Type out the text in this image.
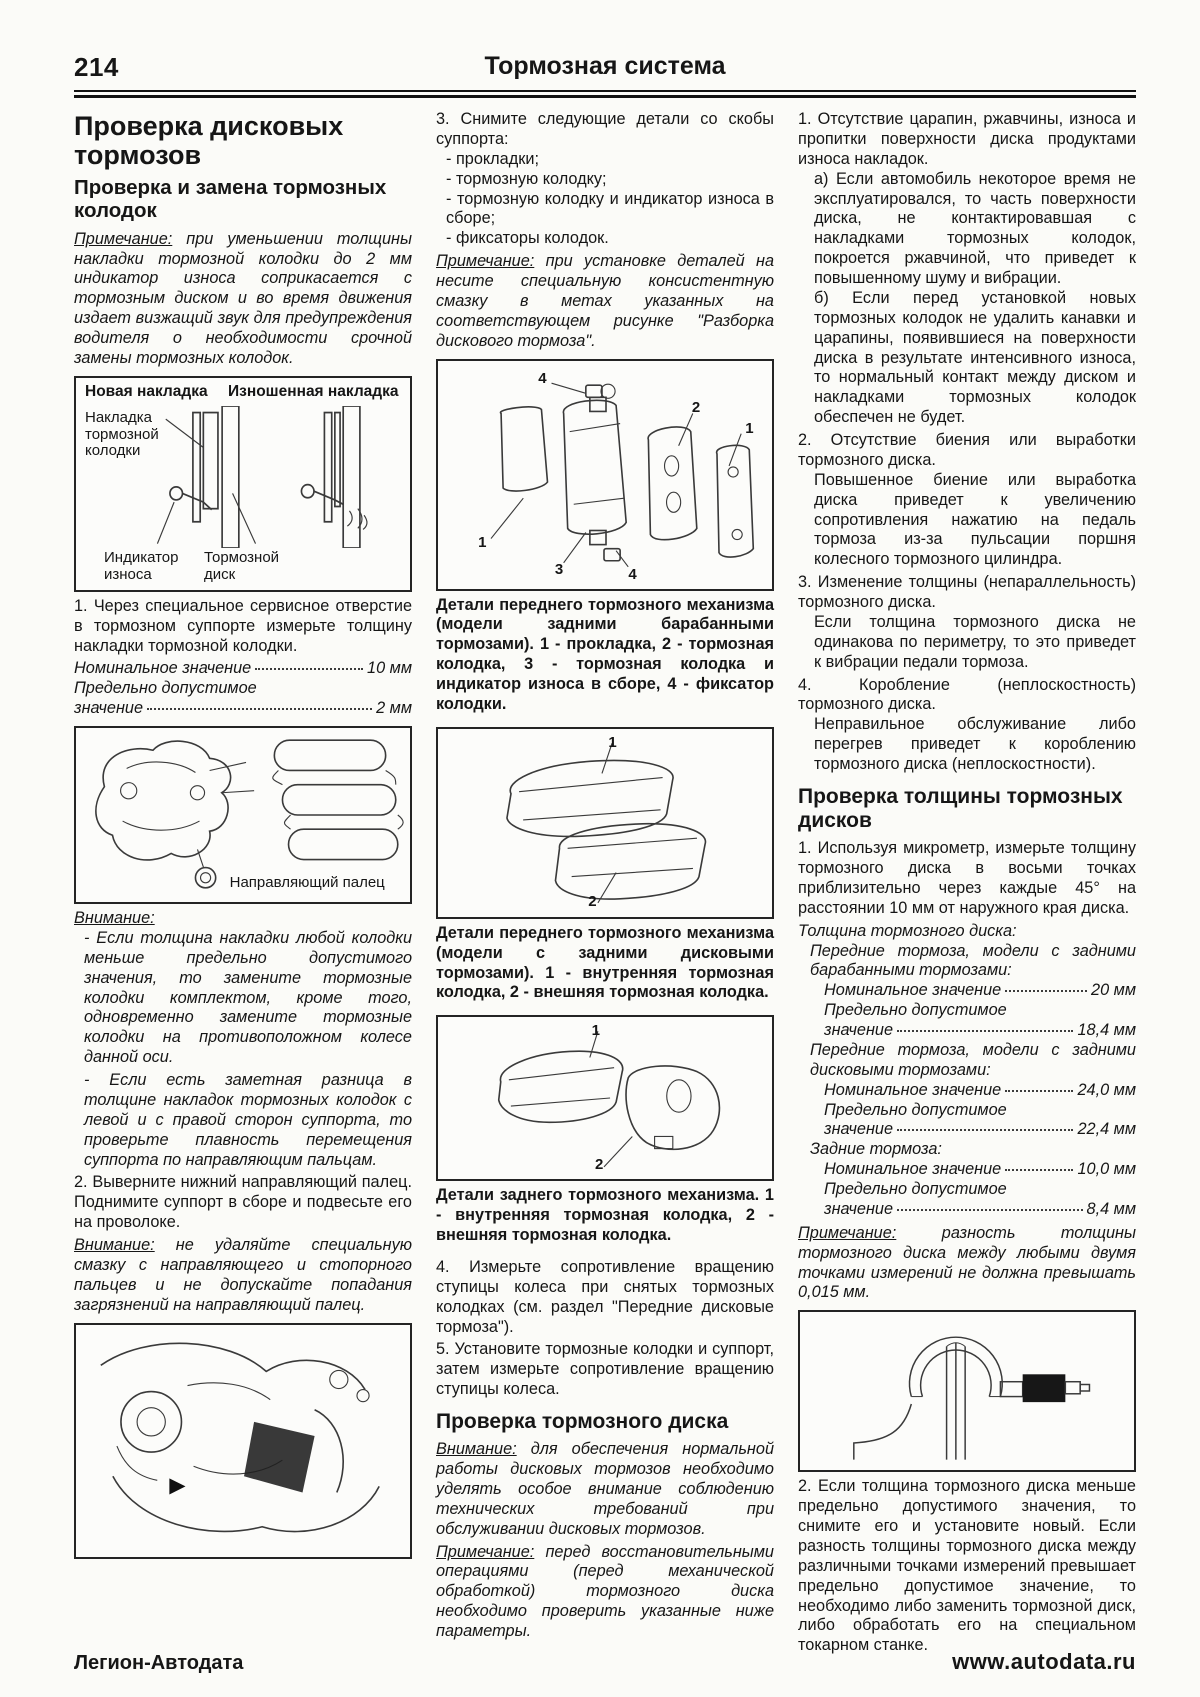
214	Тормозная система
Проверка дисковых тормозов
Проверка и замена тормозных колодок

Примечание: при уменьшении толщины накладки тормозной колодки до 2 мм индикатор износа соприкасается с тормозным диском и во время движения издает визжащий звук для предупреждения водителя о необходимости срочной замены тормозных колодок.

Новая накладка Изношенная накладка
Накладка тормозной колодки
Индикатор износа
Тормозной диск

1. Через специальное сервисное отверстие в тормозном суппорте измерьте толщину накладки тормозной колодки.

Номинальное значение	10 мм
Предельно допустимое
значение	2 мм
Направляющий палец

Внимание:

- Если толщина накладки любой колодки меньше предельно допустимого значения, то замените тормозные колодки комплектом, кроме того, одновременно замените тормозные колодки на противоположном колесе данной оси.

- Если есть заметная разница в толщине накладок тормозных колодок с левой и с правой сторон суппорта, то проверьте плавность перемещения суппорта по направляющим пальцам.

2. Выверните нижний направляющий палец. Поднимите суппорт в сборе и подвесьте его на проволоке.

Внимание: не удаляйте специальную смазку с направляющего и стопорного пальцев и не допускайте попадания загрязнений на направляющий палец.

3. Снимите следующие детали со скобы суппорта:

- прокладки;

- тормозную колодку;

- тормозную колодку и индикатор износа в сборе;

- фиксаторы колодок.

Примечание: при установке деталей на несите специальную консистентную смазку в метах указанных на соответствующем рисунке "Разборка дискового тормоза".

4
2
1
1
3	4

Детали переднего тормозного механизма (модели задними барабанными тормозами). 1 - прокладка, 2 - тормозная колодка, 3 - тормозная колодка и индикатор износа в сборе, 4 - фиксатор колодки.

1
2

Детали переднего тормозного механизма (модели с задними дисковыми тормозами). 1 - внутренняя тормозная колодка, 2 - внешняя тормозная колодка.

1
2

Детали заднего тормозного механизма. 1 - внутренняя тормозная колодка, 2 - внешняя тормозная колодка.

4. Измерьте сопротивление вращению ступицы колеса при снятых тормозных колодках (см. раздел "Передние дисковые тормоза").

5. Установите тормозные колодки и суппорт, затем измерьте сопротивление вращению ступицы колеса.

Проверка тормозного диска

Внимание: для обеспечения нормальной работы дисковых тормозов необходимо уделять особое внимание соблюдению технических требований при обслуживании дисковых тормозов.

Примечание: перед восстановительными операциями (перед механической обработкой) тормозного диска необходимо проверить указанные ниже параметры.

1. Отсутствие царапин, ржавчины, износа и пропитки поверхности диска продуктами износа накладок.

а) Если автомобиль некоторое время не эксплуатировался, то часть поверхности диска, не контактировавшая с накладками тормозных колодок, покроется ржавчиной, что приведет к повышенному шуму и вибрации.

б) Если перед установкой новых тормозных колодок не удалить канавки и царапины, появившиеся на поверхности диска в результате интенсивного износа, то нормальный контакт между диском и накладками тормозных колодок обеспечен не будет.

2. Отсутствие биения или выработки тормозного диска.

Повышенное биение или выработка диска приведет к увеличению сопротивления нажатию на педаль тормоза из-за пульсации поршня колесного тормозного цилиндра.

3. Изменение толщины (непараллельность) тормозного диска.

Если толщина тормозного диска не одинакова по периметру, то это приведет к вибрации педали тормоза.

4. Коробление (неплоскостность) тормозного диска.

Неправильное обслуживание либо перегрев приведет к короблению тормозного диска (неплоскостности).

Проверка толщины тормозных дисков

1. Используя микрометр, измерьте толщину тормозного диска в восьми точках приблизительно через каждые 45° на расстоянии 10 мм от наружного края диска.

Толщина тормозного диска:
Передние тормоза, модели с задними барабанными тормозами:
Номинальное значение	20 мм
Предельно допустимое
значение	18,4 мм
Передние тормоза, модели с задними дисковыми тормозами:
Номинальное значение	24,0 мм
Предельно допустимое
значение	22,4 мм
Задние тормоза:
Номинальное значение	10,0 мм
Предельно допустимое
значение	8,4 мм

Примечание: разность толщины тормозного диска между любыми двумя точками измерений не должна превышать 0,015 мм.

2. Если толщина тормозного диска меньше предельно допустимого значения, то снимите его и установите новый. Если разность толщины тормозного диска между различными точками измерений превышает предельно допустимое значение, то необходимо либо заменить тормозной диск, либо обработать его на специальном токарном станке.

Легион-Автодата	www.autodata.ru
